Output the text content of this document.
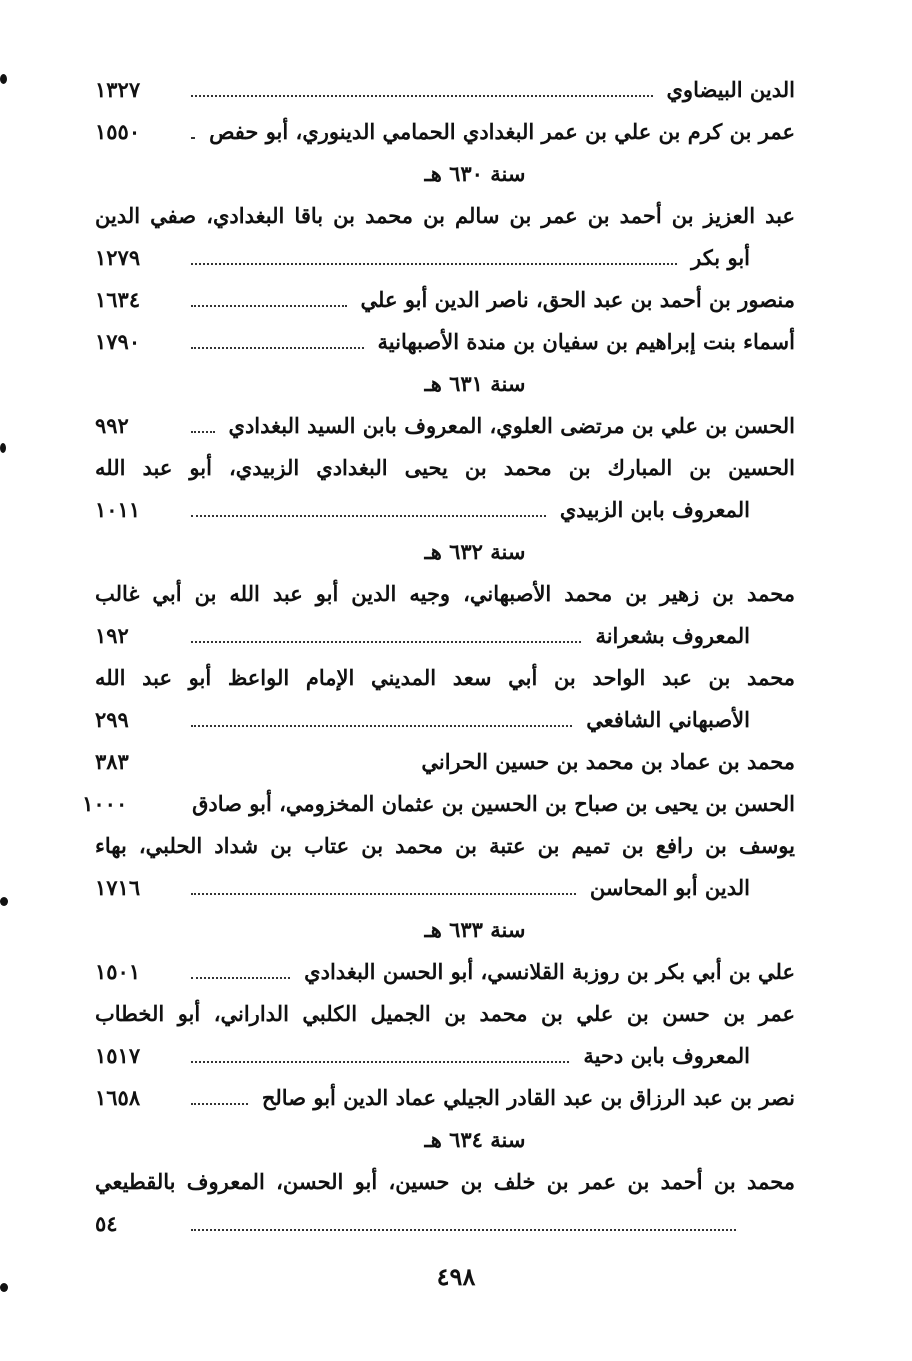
الدين البيضاوي
١٣٢٧
عمر بن كرم بن علي بن عمر البغدادي الحمامي الدينوري، أبو حفص
١٥٥٠
سنة ٦٣٠ هـ
عبد العزيز بن أحمد بن عمر بن سالم بن محمد بن باقا البغدادي، صفي الدين
أبو بكر
١٢٧٩
منصور بن أحمد بن عبد الحق، ناصر الدين أبو علي
١٦٣٤
أسماء بنت إبراهيم بن سفيان بن مندة الأصبهانية
١٧٩٠
سنة ٦٣١ هـ
الحسن بن علي بن مرتضى العلوي، المعروف بابن السيد البغدادي
٩٩٢
الحسين بن المبارك بن محمد بن يحيى البغدادي الزبيدي، أبو عبد الله
المعروف بابن الزبيدي
١٠١١
سنة ٦٣٢ هـ
محمد بن زهير بن محمد الأصبهاني، وجيه الدين أبو عبد الله بن أبي غالب
المعروف بشعرانة
١٩٢
محمد بن عبد الواحد بن أبي سعد المديني الإمام الواعظ أبو عبد الله
الأصبهاني الشافعي
٢٩٩
محمد بن عماد بن محمد بن حسين الحراني
٣٨٣
الحسن بن يحيى بن صباح بن الحسين بن عثمان المخزومي، أبو صادق
١٠٠٠
يوسف بن رافع بن تميم بن عتبة بن محمد بن عتاب بن شداد الحلبي، بهاء
الدين أبو المحاسن
١٧١٦
سنة ٦٣٣ هـ
علي بن أبي بكر بن روزبة القلانسي، أبو الحسن البغدادي
١٥٠١
عمر بن حسن بن علي بن محمد بن الجميل الكلبي الداراني، أبو الخطاب
المعروف بابن دحية
١٥١٧
نصر بن عبد الرزاق بن عبد القادر الجيلي عماد الدين أبو صالح
١٦٥٨
سنة ٦٣٤ هـ
محمد بن أحمد بن عمر بن خلف بن حسين، أبو الحسن، المعروف بالقطيعي
٥٤
٤٩٨
